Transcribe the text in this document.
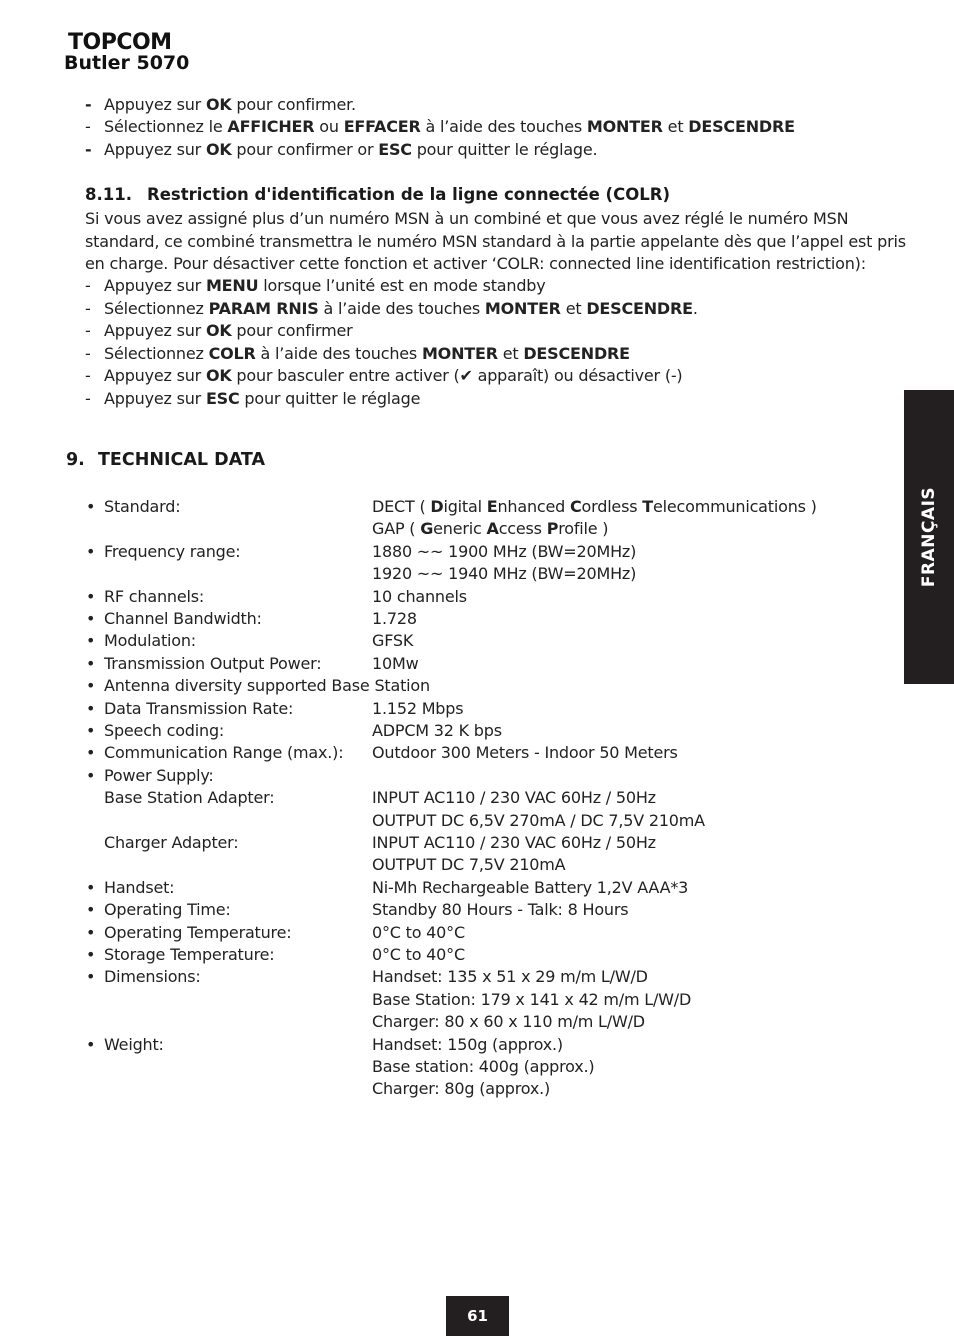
TOPCOM
Butler 5070
- Appuyez sur OK pour confirmer.
- Sélectionnez le AFFICHER ou EFFACER à l’aide des touches MONTER et DESCENDRE
- Appuyez sur OK pour confirmer or ESC pour quitter le réglage.
8.11. Restriction d'identification de la ligne connectée (COLR)
Si vous avez assigné plus d’un numéro MSN à un combiné et que vous avez réglé le numéro MSN
standard, ce combiné transmettra le numéro MSN standard à la partie appelante dès que l’appel est pris
en charge. Pour désactiver cette fonction et activer ‘COLR: connected line identification restriction):
- Appuyez sur MENU lorsque l’unité est en mode standby
- Sélectionnez PARAM RNIS à l’aide des touches MONTER et DESCENDRE.
- Appuyez sur OK pour confirmer
- Sélectionnez COLR à l’aide des touches MONTER et DESCENDRE
- Appuyez sur OK pour basculer entre activer (✔ apparaît) ou désactiver (-)
- Appuyez sur ESC pour quitter le réglage
9. TECHNICAL DATA
• Standard:	DECT ( Digital Enhanced Cordless Telecommunications )
GAP ( Generic Access Profile )
• Frequency range:	1880 ~~ 1900 MHz (BW=20MHz)
1920 ~~ 1940 MHz (BW=20MHz)
• RF channels:	10 channels
• Channel Bandwidth:	1.728
• Modulation:	GFSK
• Transmission Output Power:	10Mw
• Antenna diversity supported Base Station
• Data Transmission Rate:	1.152 Mbps
• Speech coding:	ADPCM 32 K bps
• Communication Range (max.): Outdoor 300 Meters - Indoor 50 Meters
• Power Supply:
Base Station Adapter:	INPUT AC110 / 230 VAC 60Hz / 50Hz
OUTPUT DC 6,5V 270mA / DC 7,5V 210mA
Charger Adapter:	INPUT AC110 / 230 VAC 60Hz / 50Hz
OUTPUT DC 7,5V 210mA
• Handset:	Ni-Mh Rechargeable Battery 1,2V AAA*3
• Operating Time:	Standby 80 Hours - Talk: 8 Hours
• Operating Temperature:	0°C to 40°C
• Storage Temperature:	0°C to 40°C
• Dimensions:	Handset: 135 x 51 x 29 m/m L/W/D
Base Station: 179 x 141 x 42 m/m L/W/D
Charger: 80 x 60 x 110 m/m L/W/D
• Weight:	Handset: 150g (approx.)
Base station: 400g (approx.)
Charger: 80g (approx.)
FRANÇAIS
61
